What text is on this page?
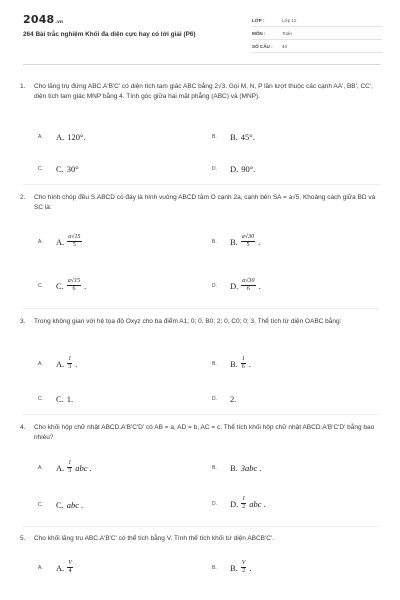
2048.vn
264 Bài trắc nghiệm Khối đa diện cực hay có lời giải (P6)
LỚP :	Lớp 12
MÔN :	Toán
SỐ CÂU :	40
1.	Cho lăng trụ đứng ABC.A'B'C' có diện tích tam giác ABC bằng 2√3. Gọi M, N, P lần lượt thuộc các cạnh AA', BB', CC', diện tích tam giác MNP bằng 4. Tính góc giữa hai mặt phẳng (ABC) và (MNP).
A.	A. 120°.	B.	B. 45°.
C.	C. 30°	D.	D. 90°.
2.	Cho hình chóp đều S.ABCD có đáy là hình vuông ABCD tâm O cạnh 2a, cạnh bên SA = a√5. Khoảng cách giữa BD và SC là:
A.	A. $\frac{a√15}{5}$	B.	B. $\frac{a√30}{5}$ .
C.	C. $\frac{a√15}{6}$ .	D.	D. $\frac{a√30}{6}$ .
3.	Trong không gian với hệ tọa độ Oxyz cho ba điểm A1; 0; 0, B0; 2; 0, C0; 0; 3. Thể tích tứ diện OABC bằng:
A.	A. $\frac{1}{3}$ .	B.	B. $\frac{1}{6}$ .
C.	C. 1.	D.	2.
4.	Cho khối hộp chữ nhật ABCD.A'B'C'D' có AB = a, AD = b, AC = c. Thể tích khối hộp chữ nhật ABCD.A'B'C'D' bằng bao nhiêu?
A.	A. $\frac{1}{3}$ abc .	B.	B. 3abc .
C.	C. abc .	D.	D. $\frac{1}{2}$ abc .
5.	Cho khối lăng trụ ABC.A'B'C' có thể tích bằng V. Tính thể tích khối tứ diện ABCB'C'.
A.	A. $\frac{V}{4}$	B.	B. $\frac{V}{2}$ .
